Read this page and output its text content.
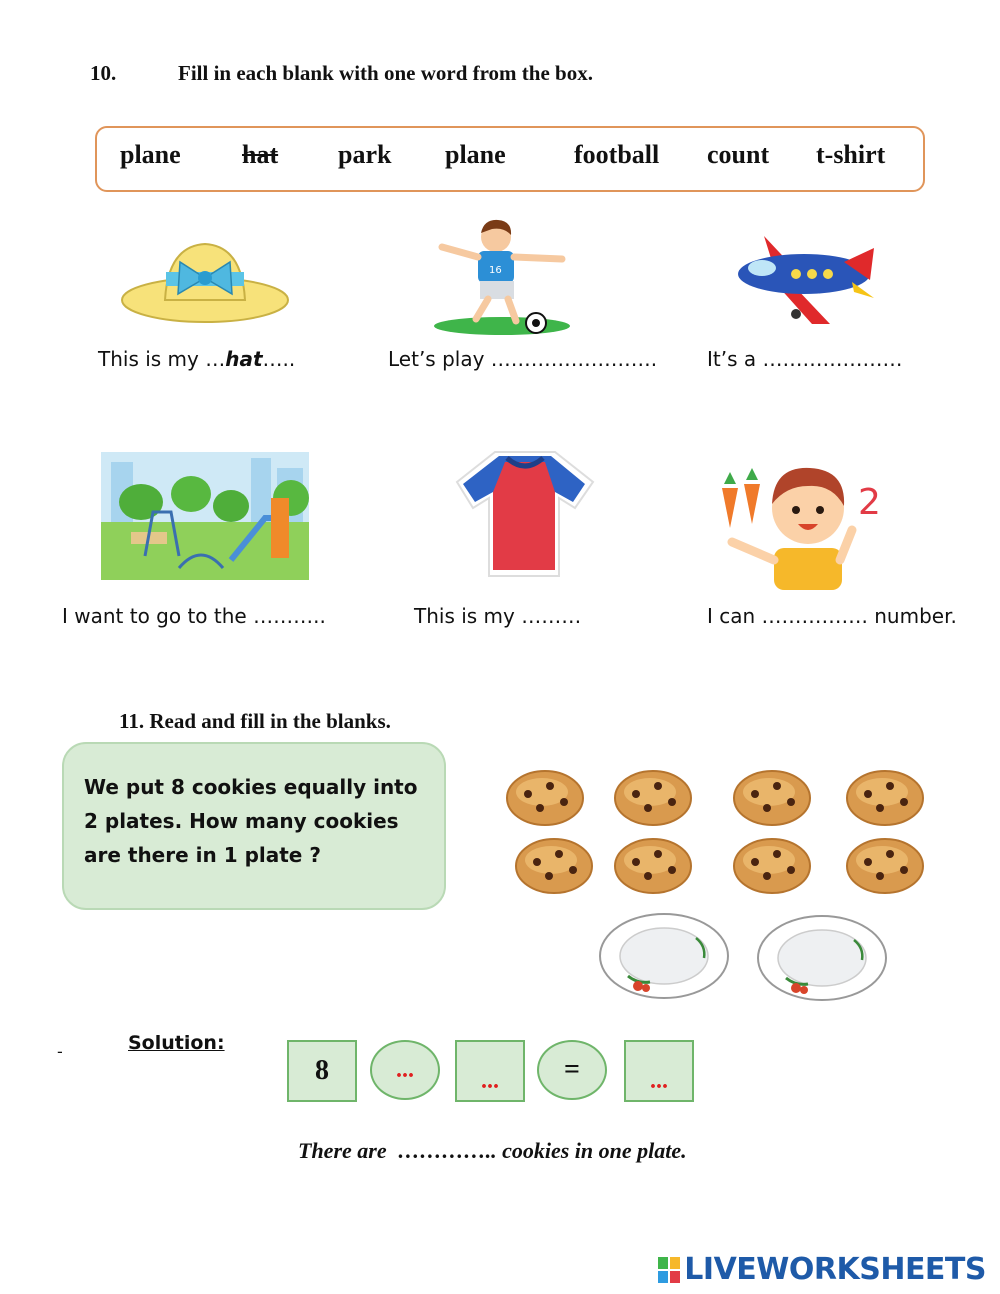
10.	Fill in each blank with one word from the box.
plane hat park plane	football count t-shirt
16
This is my …hat…..	Let’s play ……………………. It’s a …………………
2
I want to go to the ………..	This is my ………	I can ……………. number.
11. Read and fill in the blanks.
We put 8 cookies equally into
2 plates. How many cookies
are there in 1 plate ?
-	Solution:
8	...	... =	...
There are  ………….. cookies in one plate.
LIVEWORKSHEETS
